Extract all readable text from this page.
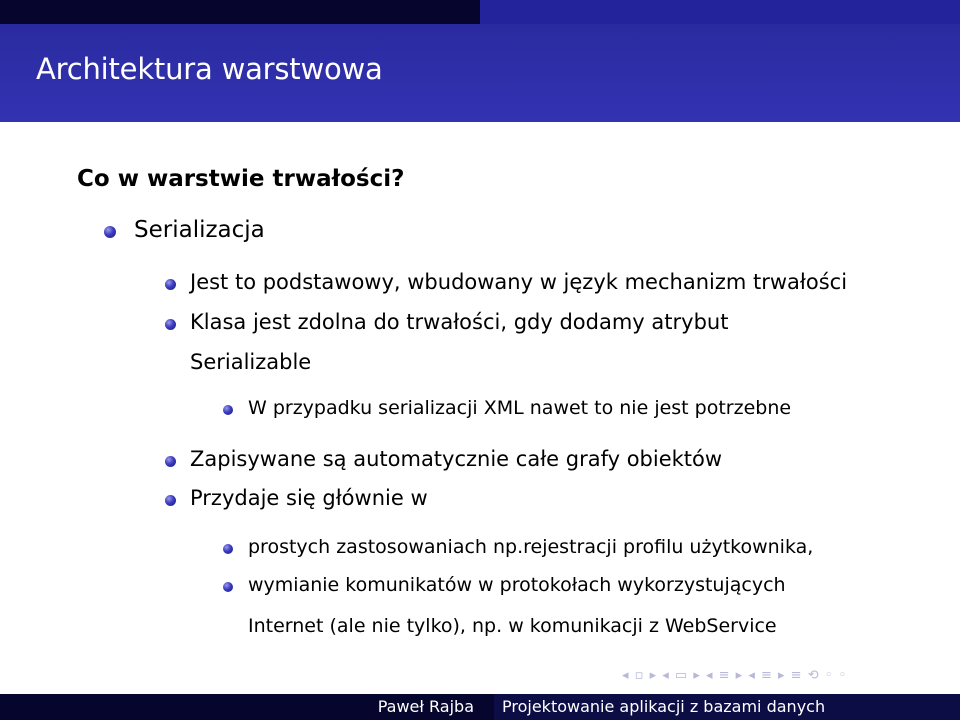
Architektura warstwowa
Co w warstwie trwałości?
Serializacja
Jest to podstawowy, wbudowany w język mechanizm trwałości
Klasa jest zdolna do trwałości, gdy dodamy atrybut
Serializable
W przypadku serializacji XML nawet to nie jest potrzebne
Zapisywane są automatycznie całe grafy obiektów
Przydaje się głównie w
prostych zastosowaniach np.rejestracji profilu użytkownika,
wymianie komunikatów w protokołach wykorzystujących
Internet (ale nie tylko), np. w komunikacji z WebService
◂ ▫ ▸ ◂ ▭ ▸ ◂ ≡ ▸ ◂ ≡ ▸ ≡ ⟲ ◦ ◦
Paweł Rajba Projektowanie aplikacji z bazami danych
